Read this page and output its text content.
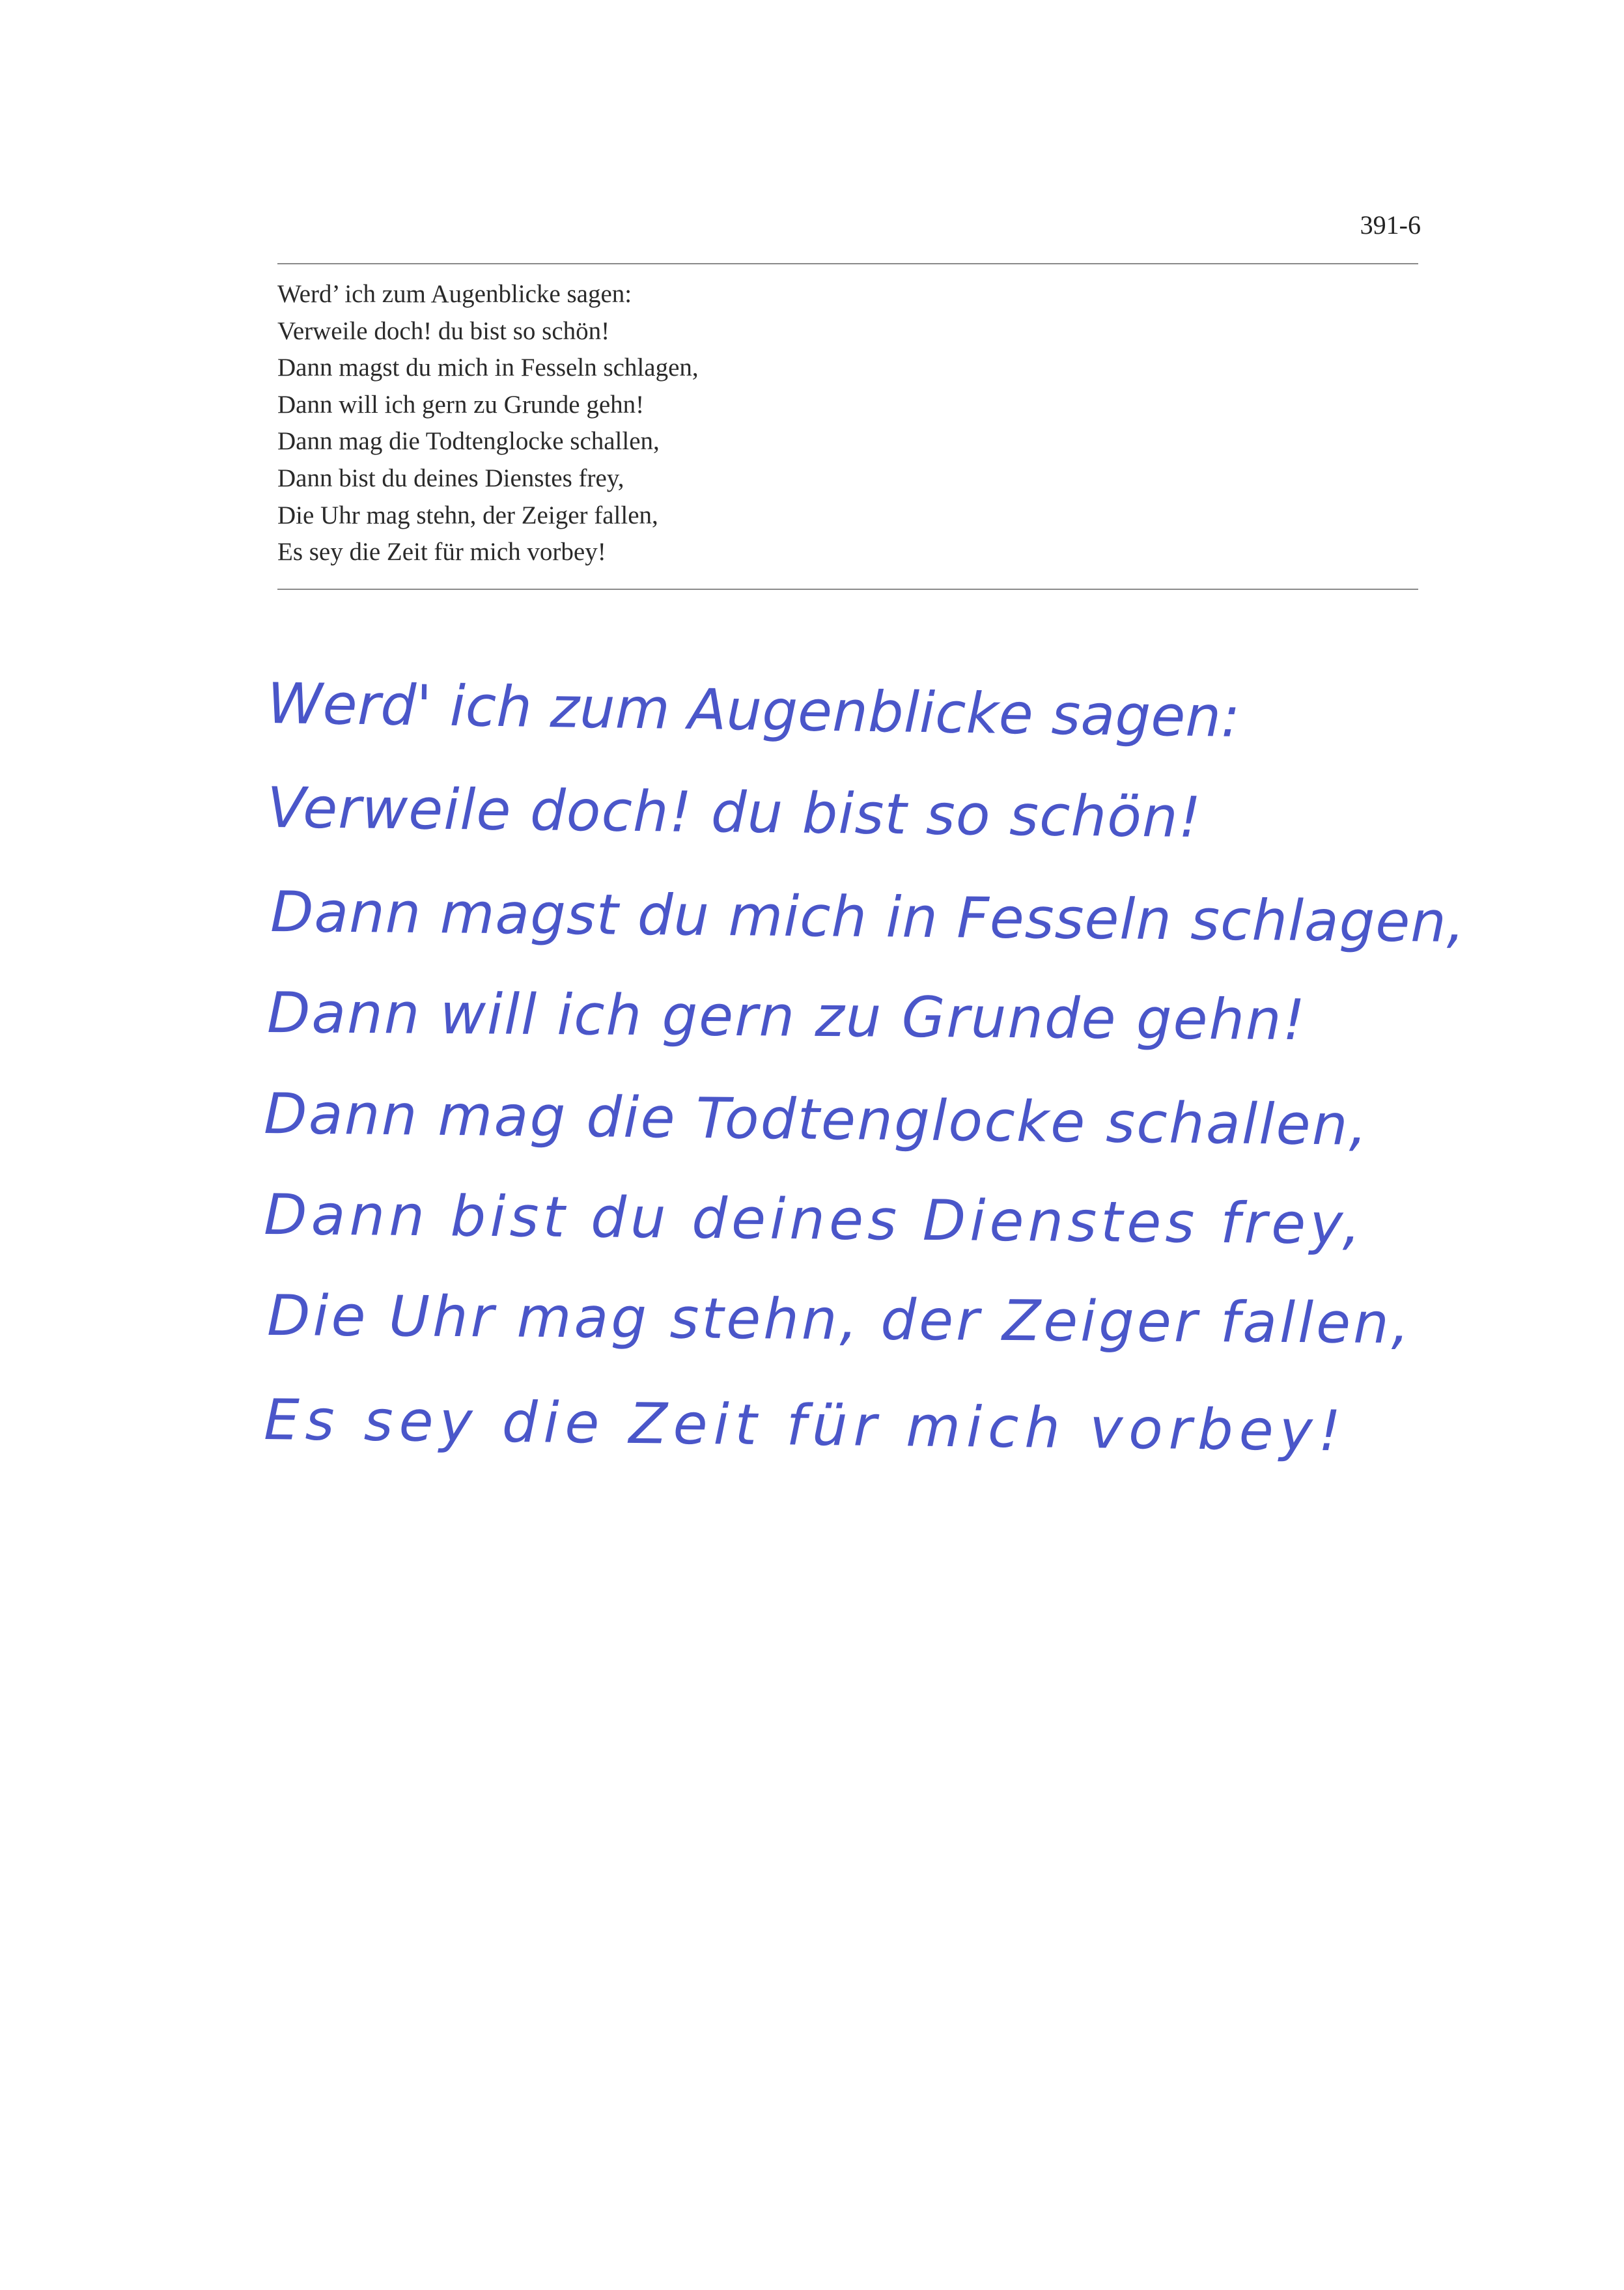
391-6
Werd’ ich zum Augenblicke sagen:
Verweile doch! du bist so schön!
Dann magst du mich in Fesseln schlagen,
Dann will ich gern zu Grunde gehn!
Dann mag die Todtenglocke schallen,
Dann bist du deines Dienstes frey,
Die Uhr mag stehn, der Zeiger fallen,
Es sey die Zeit für mich vorbey!
Werd' ich zum Augenblicke sagen:
Verweile doch! du bist so schön!
Dann magst du mich in Fesseln schlagen,
Dann will ich gern zu Grunde gehn!
Dann mag die Todtenglocke schallen,
Dann bist du deines Dienstes frey,
Die Uhr mag stehn, der Zeiger fallen,
Es sey die Zeit für mich vorbey!
